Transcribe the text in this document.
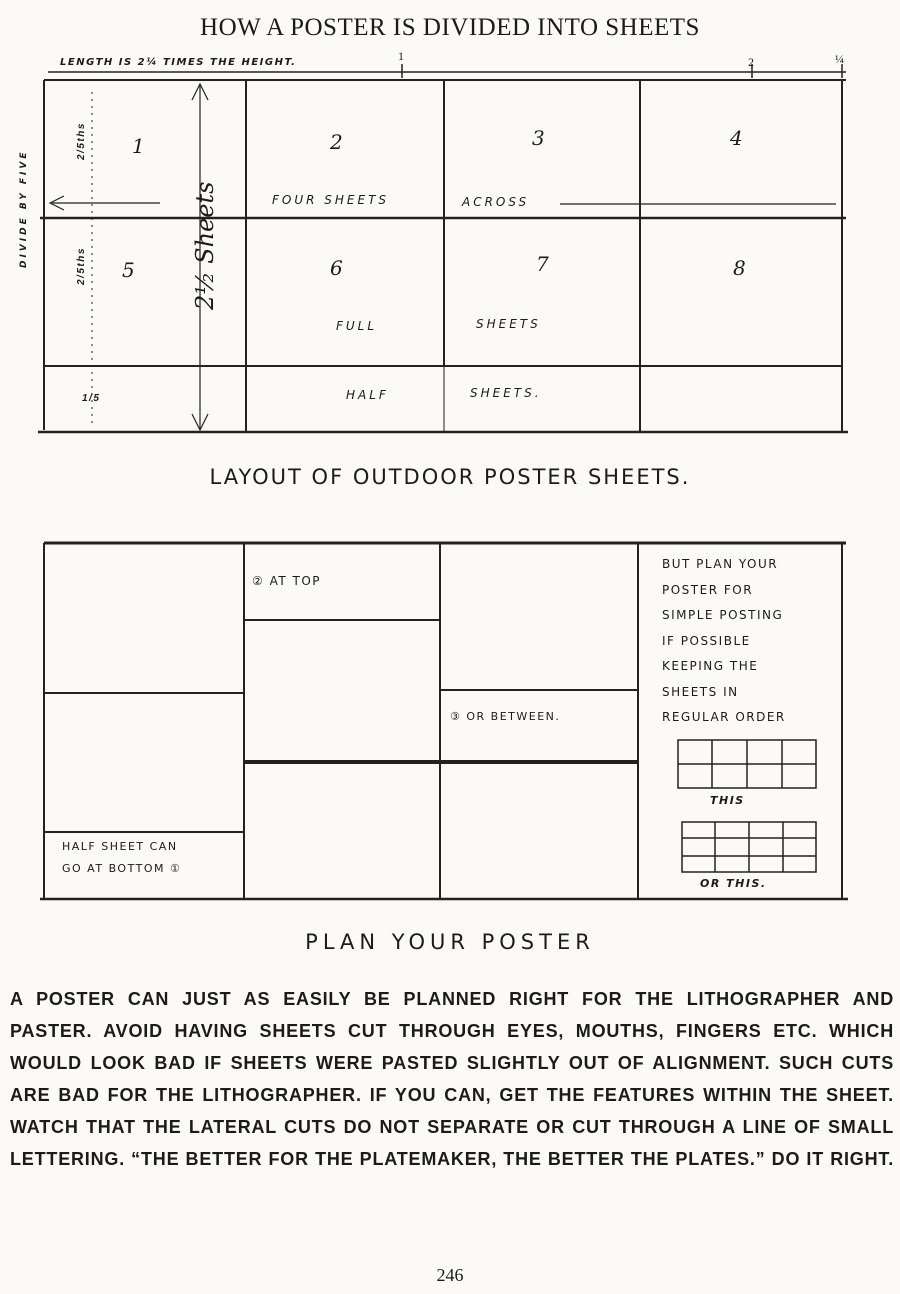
HOW A POSTER IS DIVIDED INTO SHEETS
LENGTH IS 2¼ TIMES THE HEIGHT.	1	2	¼
DIVIDE BY FIVE
2/5ths
2/5ths
1/5
2½ Sheets
1	2	3	4
5	6	7	8
FOUR SHEETS	ACROSS
FULL	SHEETS
HALF	SHEETS.
LAYOUT OF OUTDOOR POSTER SHEETS.
② AT TOP
③ OR BETWEEN.
HALF SHEET CAN
GO AT BOTTOM ①
BUT PLAN YOUR
POSTER FOR
SIMPLE POSTING
IF POSSIBLE
KEEPING THE
SHEETS IN
REGULAR ORDER
THIS
OR THIS.
PLAN YOUR POSTER
A POSTER CAN JUST AS EASILY BE PLANNED RIGHT FOR THE LITHOGRAPHER AND PASTER. AVOID HAVING SHEETS CUT THROUGH EYES, MOUTHS, FINGERS ETC. WHICH WOULD LOOK BAD IF SHEETS WERE PASTED SLIGHTLY OUT OF ALIGNMENT. SUCH CUTS ARE BAD FOR THE LITHOGRAPHER. IF YOU CAN, GET THE FEATURES WITHIN THE SHEET. WATCH THAT THE LATERAL CUTS DO NOT SEPARATE OR CUT THROUGH A LINE OF SMALL LETTERING. “THE BETTER FOR THE PLATEMAKER, THE BETTER THE PLATES.” DO IT RIGHT.
246
